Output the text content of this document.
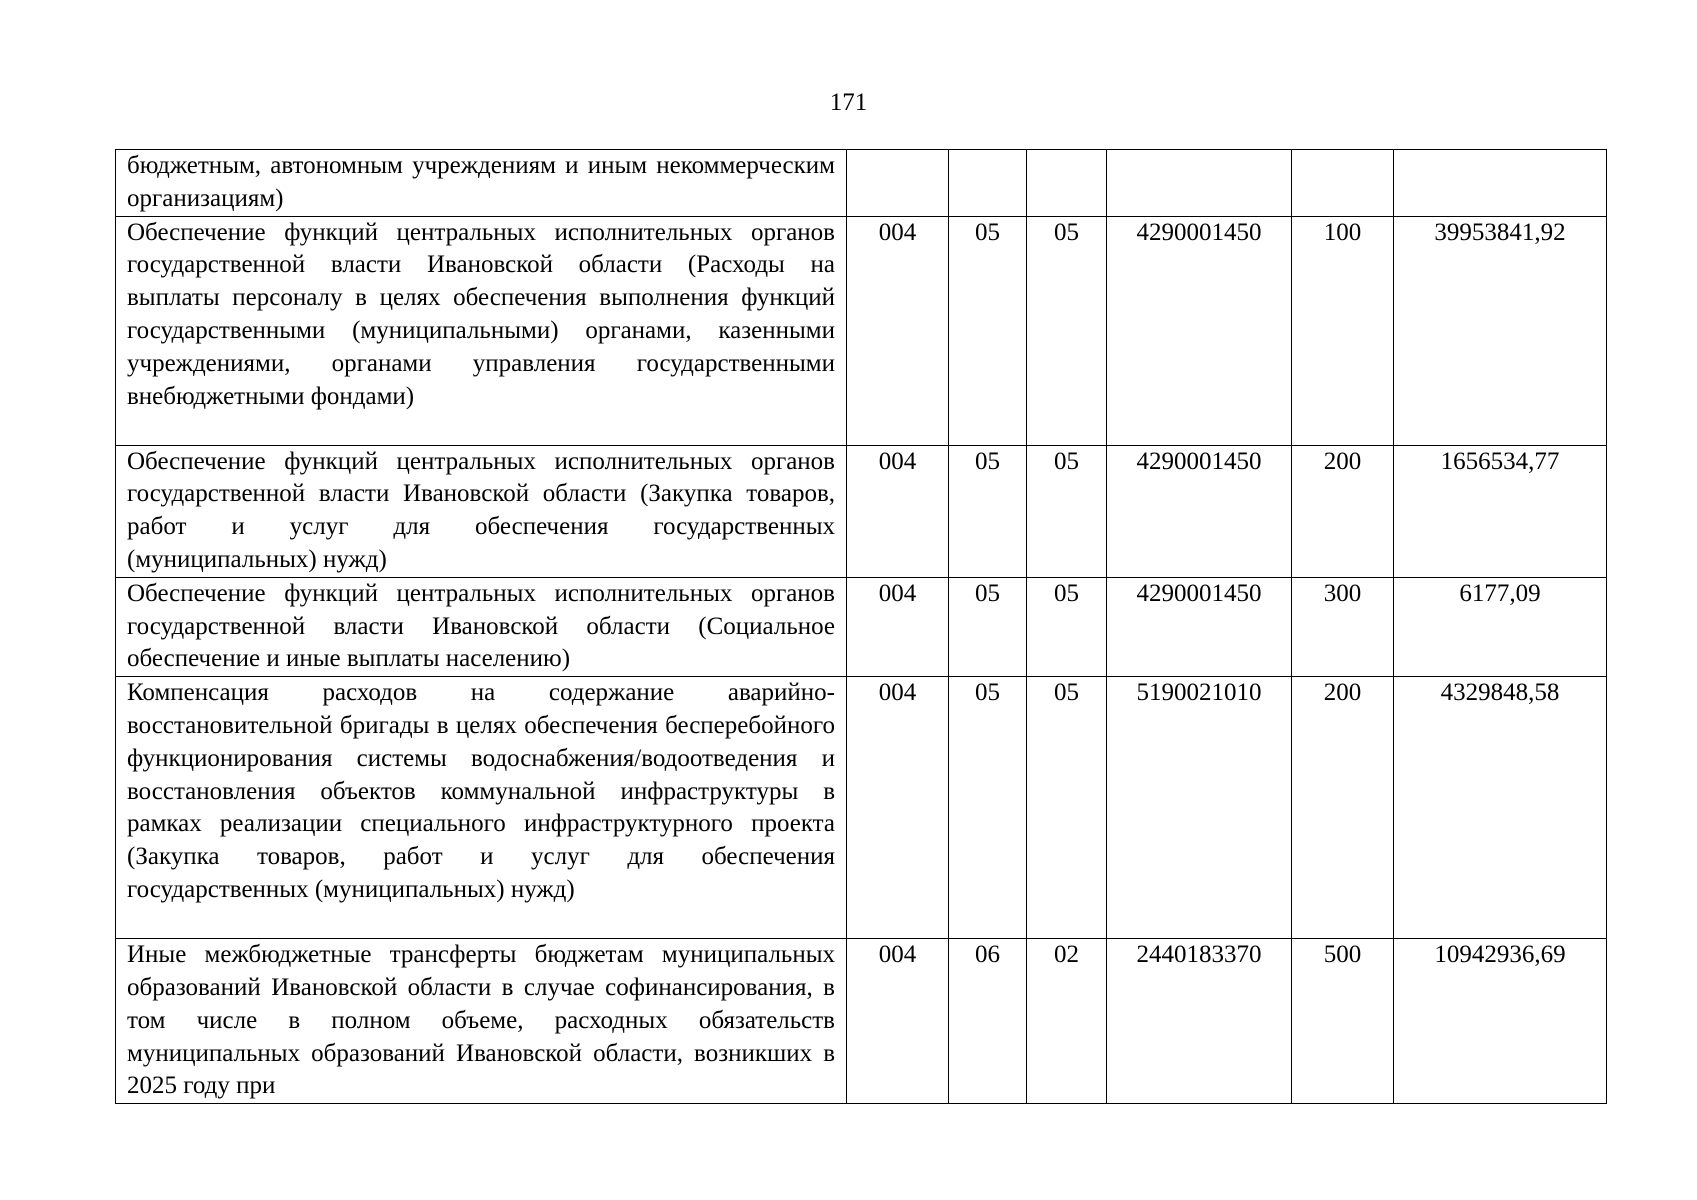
171
бюджетным, автономным учреждениям и иным некоммерческим организациям)						
Обеспечение функций центральных исполнительных органов государственной власти Ивановской области (Расходы на выплаты персоналу в целях обеспечения выполнения функций государственными (муниципальными) органами, казенными учреждениями, органами управления государственными внебюджетными фондами)	004	05	05	4290001450	100	39953841,92
Обеспечение функций центральных исполнительных органов государственной власти Ивановской области (Закупка товаров, работ и услуг для обеспечения государственных (муниципальных) нужд)	004	05	05	4290001450	200	1656534,77
Обеспечение функций центральных исполнительных органов государственной власти Ивановской области (Социальное обеспечение и иные выплаты населению)	004	05	05	4290001450	300	6177,09
Компенсация расходов на содержание аварийно-восстановительной бригады в целях обеспечения бесперебойного функционирования системы водоснабжения/водоотведения и восстановления объектов коммунальной инфраструктуры в рамках реализации специального инфраструктурного проекта (Закупка товаров, работ и услуг для обеспечения государственных (муниципальных) нужд)	004	05	05	5190021010	200	4329848,58
Иные межбюджетные трансферты бюджетам муниципальных образований Ивановской области в случае софинансирования, в том числе в полном объеме, расходных обязательств муниципальных образований Ивановской области, возникших в 2025 году при	004	06	02	2440183370	500	10942936,69
